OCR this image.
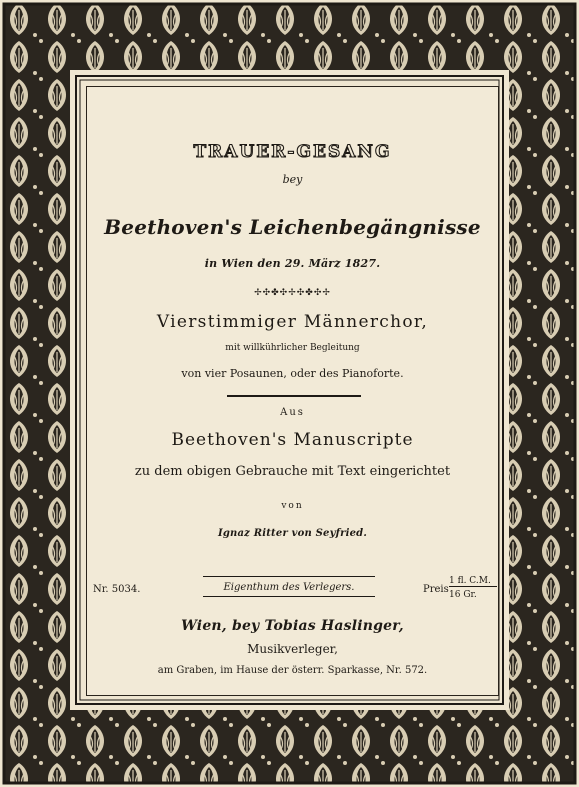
TRAUER-GESANG
bey
Beethoven's Leichenbegängnisse
in Wien den 29. März 1827.
✢✣✤✣✢✣✤✣✢
Vierstimmiger Männerchor,
mit willkührlicher Begleitung
von vier Posaunen, oder des Pianoforte.
Aus
Beethoven's Manuscripte
zu dem obigen Gebrauche mit Text eingerichtet
von
Ignaz Ritter von Seyfried.
Nr. 5034.	Eigenthum des Verlegers.	Preis
1 fl. C.M.
16 Gr.
Wien, bey Tobias Haslinger,
Musikverleger,
am Graben, im Hause der österr. Sparkasse, Nr. 572.
